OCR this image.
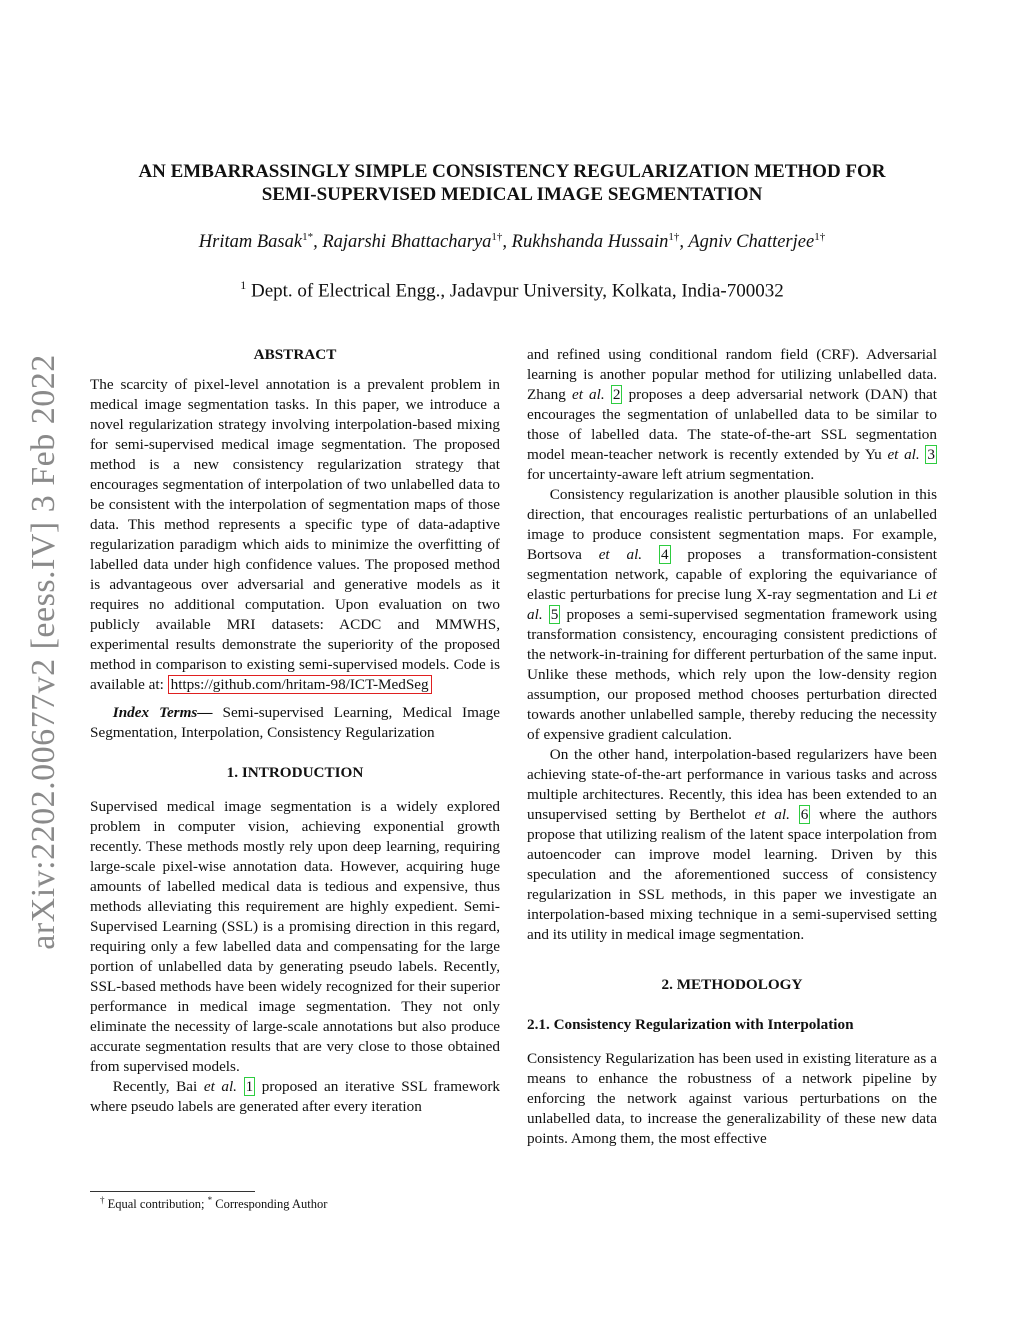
arXiv:2202.00677v2 [eess.IV] 3 Feb 2022
AN EMBARRASSINGLY SIMPLE CONSISTENCY REGULARIZATION METHOD FOR
SEMI-SUPERVISED MEDICAL IMAGE SEGMENTATION
Hritam Basak$^{1*}$, Rajarshi Bhattacharya$^{1\dagger}$, Rukhshanda Hussain$^{1\dagger}$, Agniv Chatterjee$^{1\dagger}$
$^1$ Dept. of Electrical Engg., Jadavpur University, Kolkata, India-700032
ABSTRACT

The scarcity of pixel-level annotation is a prevalent problem in medical image segmentation tasks. In this paper, we introduce a novel regularization strategy involving interpolation-based mixing for semi-supervised medical image segmentation. The proposed method is a new consistency regularization strategy that encourages segmentation of interpolation of two unlabelled data to be consistent with the interpolation of segmentation maps of those data. This method represents a specific type of data-adaptive regularization paradigm which aids to minimize the overfitting of labelled data under high confidence values. The proposed method is advantageous over adversarial and generative models as it requires no additional computation. Upon evaluation on two publicly available MRI datasets: ACDC and MMWHS, experimental results demonstrate the superiority of the proposed method in comparison to existing semi-supervised models. Code is available at: https://github.com/hritam-98/ICT-MedSeg

Index Terms— Semi-supervised Learning, Medical Image Segmentation, Interpolation, Consistency Regularization

1. INTRODUCTION

Supervised medical image segmentation is a widely explored problem in computer vision, achieving exponential growth recently. These methods mostly rely upon deep learning, requiring large-scale pixel-wise annotation data. However, acquiring huge amounts of labelled medical data is tedious and expensive, thus methods alleviating this requirement are highly expedient. Semi-Supervised Learning (SSL) is a promising direction in this regard, requiring only a few labelled data and compensating for the large portion of unlabelled data by generating pseudo labels. Recently, SSL-based methods have been widely recognized for their superior performance in medical image segmentation. They not only eliminate the necessity of large-scale annotations but also produce accurate segmentation results that are very close to those obtained from supervised models.

Recently, Bai et al. 1 proposed an iterative SSL framework where pseudo labels are generated after every iteration

and refined using conditional random field (CRF). Adversarial learning is another popular method for utilizing unlabelled data. Zhang et al. 2 proposes a deep adversarial network (DAN) that encourages the segmentation of unlabelled data to be similar to those of labelled data. The state-of-the-art SSL segmentation model mean-teacher network is recently extended by Yu et al. 3 for uncertainty-aware left atrium segmentation.

Consistency regularization is another plausible solution in this direction, that encourages realistic perturbations of an unlabelled image to produce consistent segmentation maps. For example, Bortsova et al. 4 proposes a transformation-consistent segmentation network, capable of exploring the equivariance of elastic perturbations for precise lung X-ray segmentation and Li et al. 5 proposes a semi-supervised segmentation framework using transformation consistency, encouraging consistent predictions of the network-in-training for different perturbation of the same input. Unlike these methods, which rely upon the low-density region assumption, our proposed method chooses perturbation directed towards another unlabelled sample, thereby reducing the necessity of expensive gradient calculation.

On the other hand, interpolation-based regularizers have been achieving state-of-the-art performance in various tasks and across multiple architectures. Recently, this idea has been extended to an unsupervised setting by Berthelot et al. 6 where the authors propose that utilizing realism of the latent space interpolation from autoencoder can improve model learning. Driven by this speculation and the aforementioned success of consistency regularization in SSL methods, in this paper we investigate an interpolation-based mixing technique in a semi-supervised setting and its utility in medical image segmentation.

2. METHODOLOGY
2.1. Consistency Regularization with Interpolation

Consistency Regularization has been used in existing literature as a means to enhance the robustness of a network pipeline by enforcing the network against various perturbations on the unlabelled data, to increase the generalizability of these new data points. Among them, the most effective

† Equal contribution; * Corresponding Author
